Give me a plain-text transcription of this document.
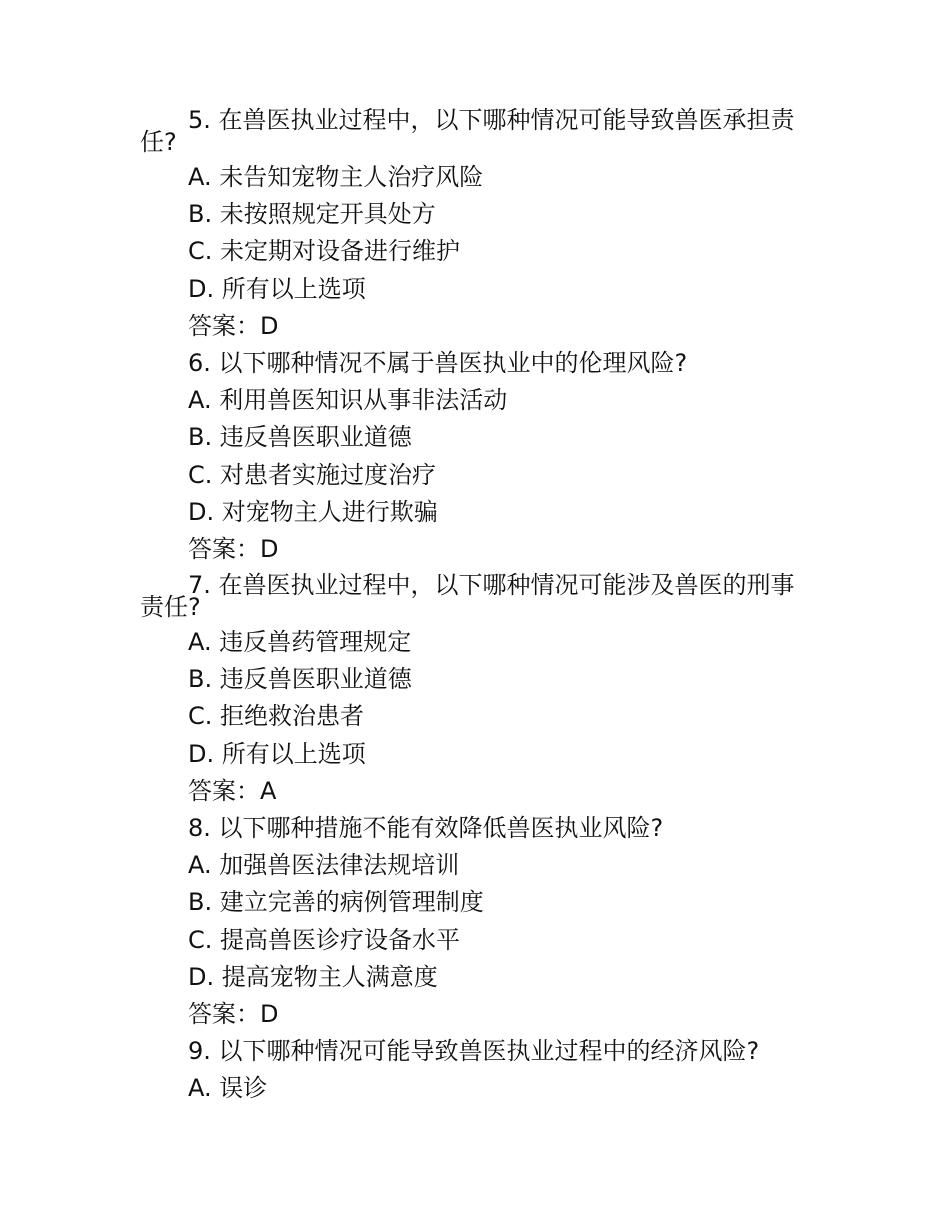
5. 在兽医执业过程中，以下哪种情况可能导致兽医承担责任?
A. 未告知宠物主人治疗风险
B. 未按照规定开具处方
C. 未定期对设备进行维护
D. 所有以上选项
答案：D
6. 以下哪种情况不属于兽医执业中的伦理风险?
A. 利用兽医知识从事非法活动
B. 违反兽医职业道德
C. 对患者实施过度治疗
D. 对宠物主人进行欺骗
答案：D
7. 在兽医执业过程中，以下哪种情况可能涉及兽医的刑事责任?
A. 违反兽药管理规定
B. 违反兽医职业道德
C. 拒绝救治患者
D. 所有以上选项
答案：A
8. 以下哪种措施不能有效降低兽医执业风险?
A. 加强兽医法律法规培训
B. 建立完善的病例管理制度
C. 提高兽医诊疗设备水平
D. 提高宠物主人满意度
答案：D
9. 以下哪种情况可能导致兽医执业过程中的经济风险?
A. 误诊
